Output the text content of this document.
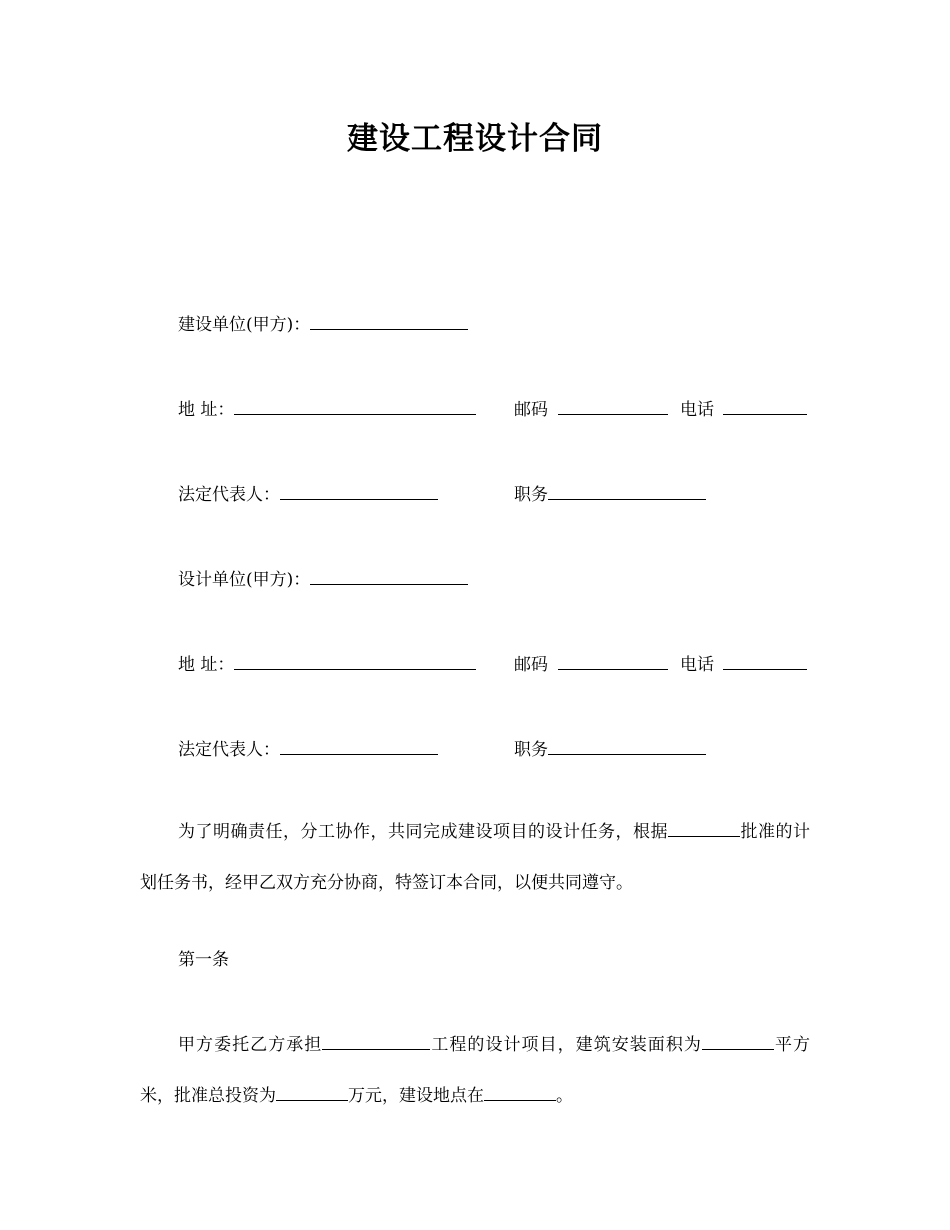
建设工程设计合同
建设单位(甲方)：
地 址：	邮码	电话
法定代表人：	职务
设计单位(甲方)：
地 址：	邮码	电话
法定代表人：	职务

为了明确责任，分工协作，共同完成建设项目的设计任务，根据	批准的计划任务书，经甲乙双方充分协商，特签订本合同，以便共同遵守。

第一条

甲方委托乙方承担	工程的设计项目，建筑安装面积为	平方米，批准总投资为	万元，建设地点在	。
